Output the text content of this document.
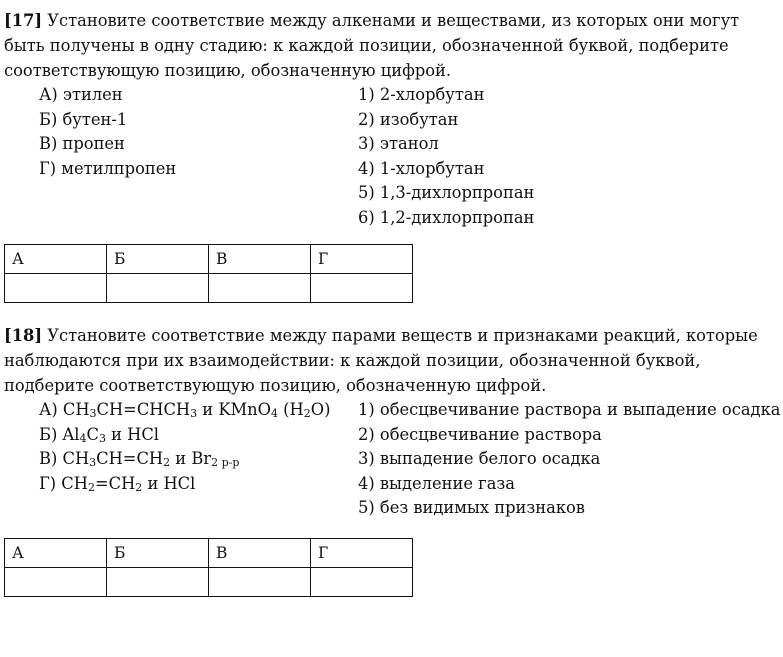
[17] Установите соответствие между алкенами и веществами, из которых они могут быть получены в одну стадию: к каждой позиции, обозначенной буквой, подберите соответствующую позицию, обозначенную цифрой.

А) этилен
Б) бутен-1
В) пропен
Г) метилпропен
1) 2-хлорбутан
2) изобутан
3) этанол
4) 1-хлорбутан
5) 1,3-дихлорпропан
6) 1,2-дихлорпропан
А	Б	В	Г

[18] Установите соответствие между парами веществ и признаками реакций, которые наблюдаются при их взаимодействии: к каждой позиции, обозначенной буквой, подберите соответствующую позицию, обозначенную цифрой.

А) $CH_3CH=CHCH_3$ и KMnO$_4$ $(H_2O)$
Б) $Al_4C_3$ и HCl
В) $CH_3CH=CH_2$ и $Br_{2 р-р}$
Г) $CH_2=CH_2$ и HCl
1) обесцвечивание раствора и выпадение осадка
2) обесцвечивание раствора
3) выпадение белого осадка
4) выделение газа
5) без видимых признаков
А	Б	В	Г
